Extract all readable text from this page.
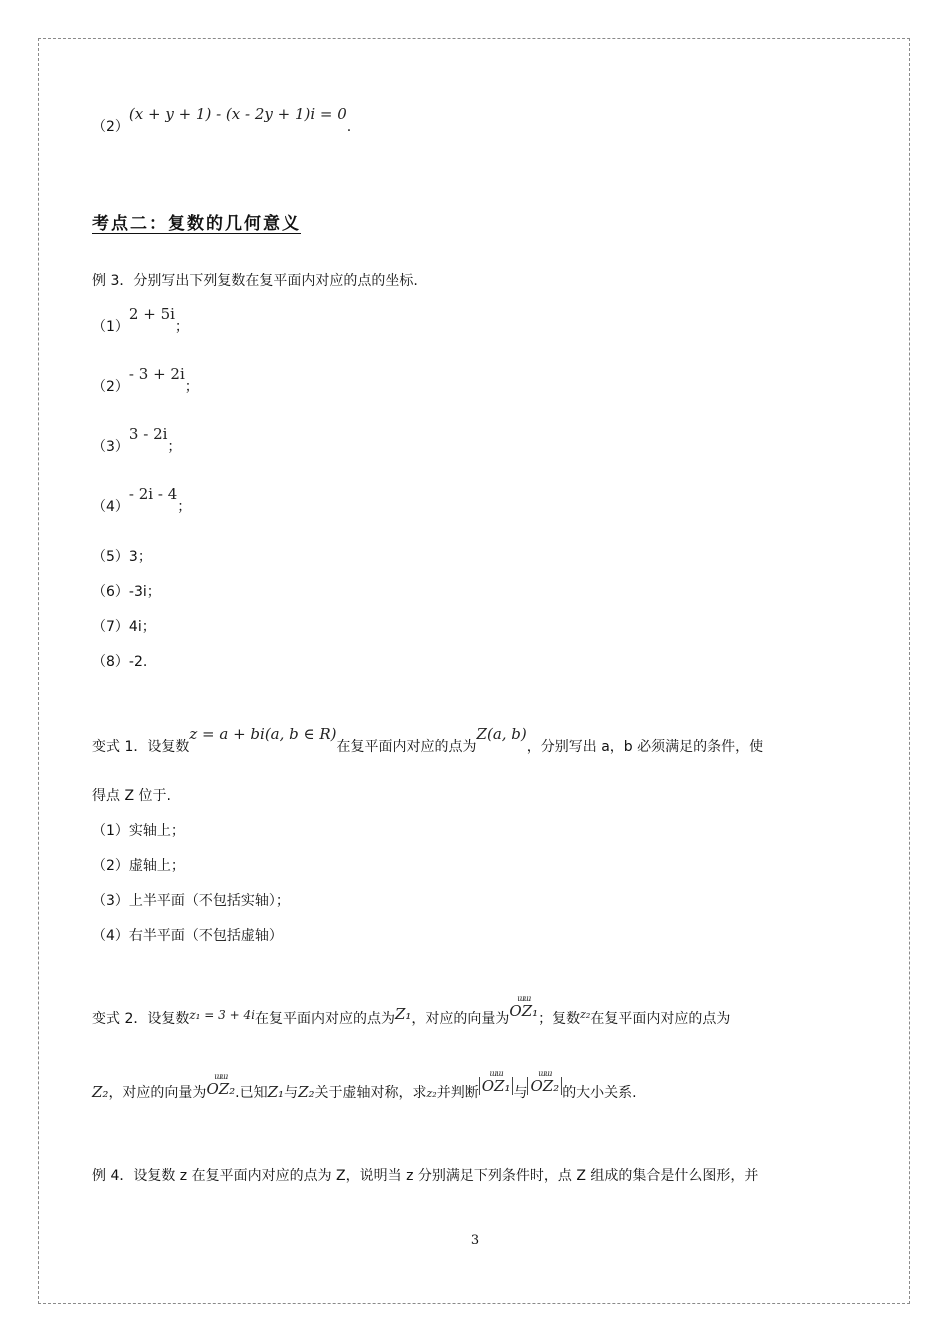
（2）(x + y + 1) - (x - 2y + 1)i = 0.
考点二：复数的几何意义
例 3．分别写出下列复数在复平面内对应的点的坐标.
（1）2 + 5i；
（2）- 3 + 2i；
（3）3 - 2i；
（4）- 2i - 4；
（5）3；
（6）-3i；
（7）4i；
（8）-2.
变式 1．设复数z = a + bi(a, b ∈ R)在复平面内对应的点为Z(a, b)，分别写出 a，b 必须满足的条件，使
得点 Z 位于.
（1）实轴上；
（2）虚轴上；
（3）上半平面（不包括实轴）；
（4）右半平面（不包括虚轴）
变式 2．设复数z₁ = 3 + 4i在复平面内对应的点为Z₁，对应的向量为
ɯɯ
OZ₁；复数$^{z_2}$在复平面内对应的点为
Z₂，对应的向量为
ɯɯ
OZ₂.已知Z₁与Z₂关于虚轴对称，求z₂并判断
ɯɯ
OZ₁ 与
ɯɯ
OZ₂ 的大小关系.
例 4．设复数 z 在复平面内对应的点为 Z，说明当 z 分别满足下列条件时，点 Z 组成的集合是什么图形，并
3
